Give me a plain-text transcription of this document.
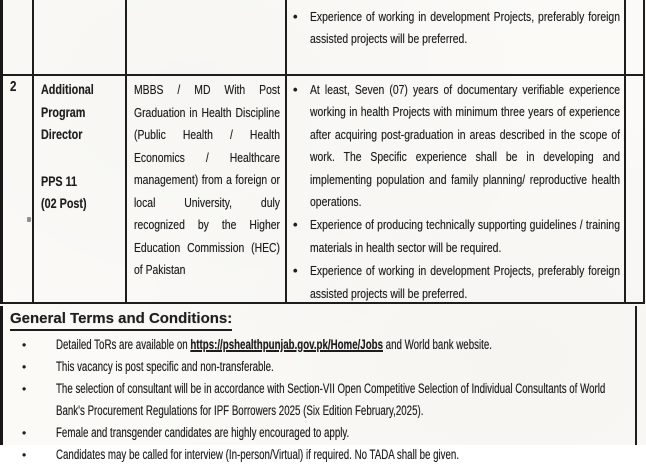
•
Experience of working in development Projects, preferably foreign assisted projects will be preferred.
2	Additional Program Director
PPS 11
(02 Post)
MBBS / MD With Post Graduation in Health Discipline (Public Health / Health Economics / Healthcare management) from a foreign or local University, duly recognized by the Higher Education Commission (HEC) of Pakistan
•
At least, Seven (07) years of documentary verifiable experience working in health Projects with minimum three years of experience after acquiring post-graduation in areas described in the scope of work. The Specific experience shall be in developing and implementing population and family planning/ reproductive health operations.
•
Experience of producing technically supporting guidelines / training materials in health sector will be required.
•
Experience of working in development Projects, preferably foreign assisted projects will be preferred.
General Terms and Conditions:
•
Detailed ToRs are available on https://pshealthpunjab.gov.pk/Home/Jobs and World bank website.
•
This vacancy is post specific and non-transferable.
•
The selection of consultant will be in accordance with Section-VII Open Competitive Selection of Individual Consultants of World Bank's Procurement Regulations for IPF Borrowers 2025 (Six Edition February,2025).
•
Female and transgender candidates are highly encouraged to apply.
•
Candidates may be called for interview (In-person/Virtual) if required. No TADA shall be given.
